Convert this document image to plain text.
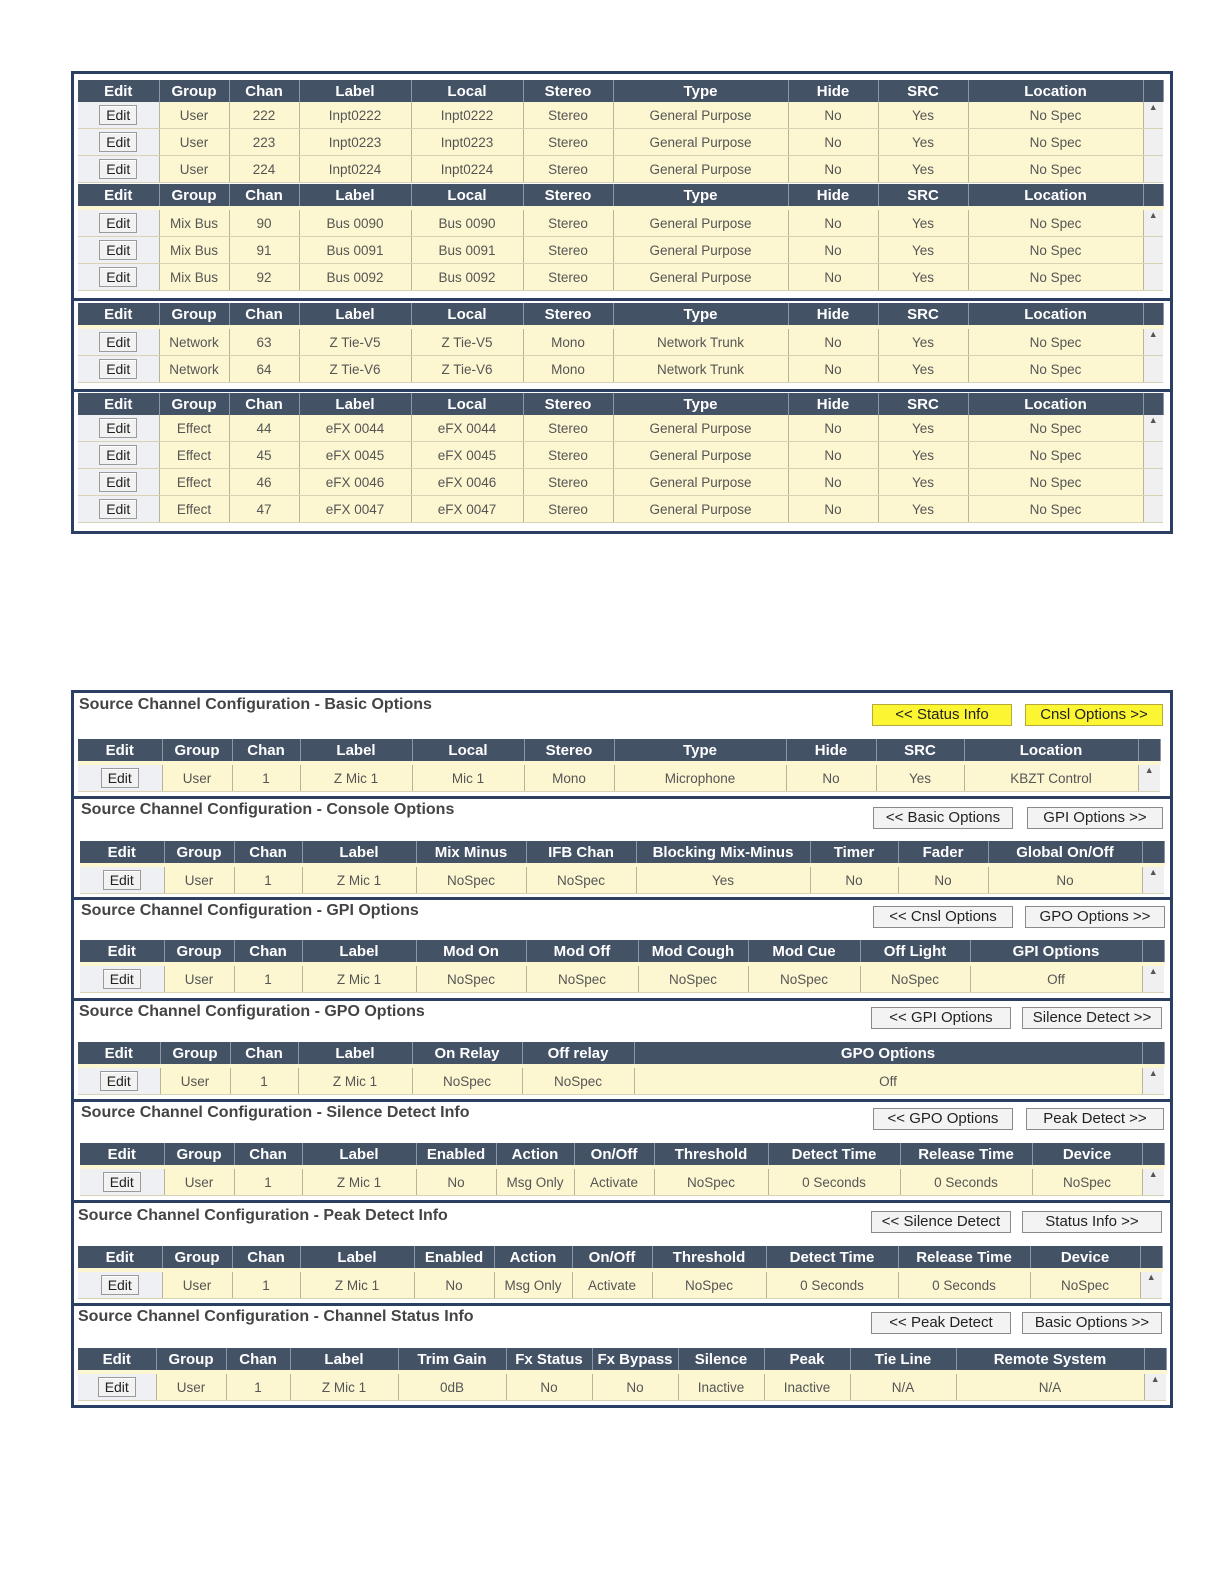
Edit	Group	Chan	Label	Local	Stereo	Type	Hide	SRC	Location	
Edit	User	222	Inpt0222	Inpt0222	Stereo	General Purpose	No	Yes	No Spec	▲
Edit	User	223	Inpt0223	Inpt0223	Stereo	General Purpose	No	Yes	No Spec	
Edit	User	224	Inpt0224	Inpt0224	Stereo	General Purpose	No	Yes	No Spec	
Edit	Group	Chan	Label	Local	Stereo	Type	Hide	SRC	Location	
Edit	Mix Bus	90	Bus 0090	Bus 0090	Stereo	General Purpose	No	Yes	No Spec	▲
Edit	Mix Bus	91	Bus 0091	Bus 0091	Stereo	General Purpose	No	Yes	No Spec	
Edit	Mix Bus	92	Bus 0092	Bus 0092	Stereo	General Purpose	No	Yes	No Spec	
Edit	Group	Chan	Label	Local	Stereo	Type	Hide	SRC	Location	
Edit	Network	63	Z Tie-V5	Z Tie-V5	Mono	Network Trunk	No	Yes	No Spec	▲
Edit	Network	64	Z Tie-V6	Z Tie-V6	Mono	Network Trunk	No	Yes	No Spec	
Edit	Group	Chan	Label	Local	Stereo	Type	Hide	SRC	Location	
Edit	Effect	44	eFX 0044	eFX 0044	Stereo	General Purpose	No	Yes	No Spec	▲
Edit	Effect	45	eFX 0045	eFX 0045	Stereo	General Purpose	No	Yes	No Spec	
Edit	Effect	46	eFX 0046	eFX 0046	Stereo	General Purpose	No	Yes	No Spec	
Edit	Effect	47	eFX 0047	eFX 0047	Stereo	General Purpose	No	Yes	No Spec	
Source Channel Configuration - Basic Options
<< Status Info	Cnsl Options >>
Edit	Group	Chan	Label	Local	Stereo	Type	Hide	SRC	Location	
Edit	User	1	Z Mic 1	Mic 1	Mono	Microphone	No	Yes	KBZT Control	▲
Source Channel Configuration - Console Options	<< Basic Options	GPI Options >>
Edit	Group	Chan	Label	Mix Minus	IFB Chan	Blocking Mix-Minus	Timer	Fader	Global On/Off	
Edit	User	1	Z Mic 1	NoSpec	NoSpec	Yes	No	No	No	▲
Source Channel Configuration - GPI Options	<< Cnsl Options	GPO Options >>
Edit	Group	Chan	Label	Mod On	Mod Off	Mod Cough	Mod Cue	Off Light	GPI Options	
Edit	User	1	Z Mic 1	NoSpec	NoSpec	NoSpec	NoSpec	NoSpec	Off	▲
Source Channel Configuration - GPO Options	<< GPI Options	Silence Detect >>
Edit	Group	Chan	Label	On Relay	Off relay	GPO Options	
Edit	User	1	Z Mic 1	NoSpec	NoSpec	Off	▲
Source Channel Configuration - Silence Detect Info	<< GPO Options	Peak Detect >>
Edit	Group	Chan	Label	Enabled	Action	On/Off	Threshold	Detect Time	Release Time	Device	
Edit	User	1	Z Mic 1	No	Msg Only	Activate	NoSpec	0 Seconds	0 Seconds	NoSpec	▲
Source Channel Configuration - Peak Detect Info	<< Silence Detect	Status Info >>
Edit	Group	Chan	Label	Enabled	Action	On/Off	Threshold	Detect Time	Release Time	Device	
Edit	User	1	Z Mic 1	No	Msg Only	Activate	NoSpec	0 Seconds	0 Seconds	NoSpec	▲
Source Channel Configuration - Channel Status Info	<< Peak Detect	Basic Options >>
Edit	Group	Chan	Label	Trim Gain	Fx Status	Fx Bypass	Silence	Peak	Tie Line	Remote System	
Edit	User	1	Z Mic 1	0dB	No	No	Inactive	Inactive	N/A	N/A	▲
